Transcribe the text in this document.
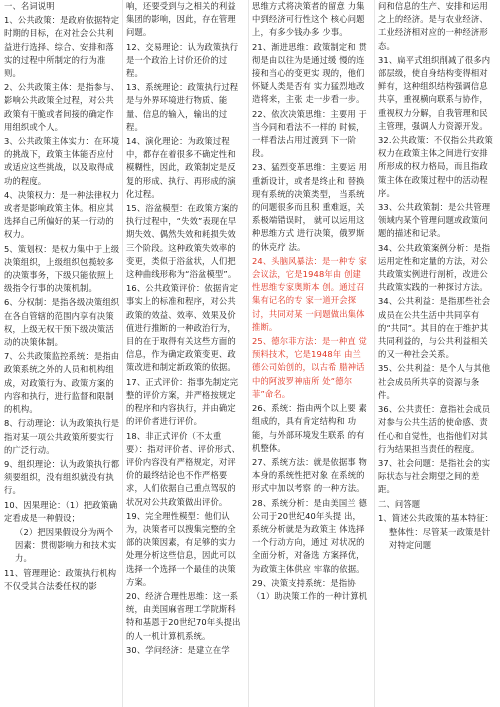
一、名词说明

1、公共政策：是政府依据特定时期的目标，在对社会公共利益进行选择、综合、安排和落实的过程中所制定的行为准则。

2、公共政策主体：是指参与、影响公共政策全过程，对公共政策有干脆或者间接的确定作用组织或个人。

3、公共政策主体实力：在环境的挑战下，政策主体能否应付或适应这些挑战，以及取得成功的程度。

4、决策权力：是一种法律权力或者是影响政策主体。相应其选择自己所偏好的某一行动的权力。

5、策划权：是权力集中于上级决策组织，上级组织包揽较多的决策事务，下级只能依照上级指令行事的决策机制。

6、分权制：是指各级决策组织在各自管辖的范围内享有决策权，上级无权干预下级决策活动的决策体制。

7、公共政策监控系统：是指由政策系统之外的人员和机构组成，对政策行为、政策方案的内容和执行，进行监督和限制的机构。

8、行动理论：认为政策执行是指对某一项公共政策所要实行的广泛行动。

9、组织理论：认为政策执行都须要组织，没有组织就没有执行。

10、因果理论：（1）把政策确定看成是一种假设；

（2）把因果假设分为两个因素：贯彻影响力和技术实力。

11、管理理论：政策执行机构不仅受其合法委任权的影

响，还要受到与之相关的利益集团的影响，因此，存在管理问题。

12、交易理论：认为政策执行是一个政治上讨价还价的过程。

13、系统理论：政策执行过程是与外界环境进行物质、能量、信息的输入，输出的过程。

14、演化理论：为政策过程中，都存在着很多不确定性和模糊性，因此，政策制定是反复的形成、执行、再形成的演化过程。

15、浴盆模型：在政策方案的执行过程中，“失效”表现在早期失效、偶然失效和耗损失效三个阶段。这种政策失效率的变更，类似于浴盆状，人们把这种曲线形称为“浴盆模型”。

16、公共政策评价：依据肯定事实上的标准和程序，对公共政策的效益、效率、效果及价值进行推断的一种政治行为，目的在于取得有关这些方面的信息，作为确定政策变更、政策改进和制定新政策的依据。

17、正式评价：指事先制定完整的评价方案，并严格按规定的程序和内容执行，并由确定的评价者进行评价。

18、非正式评价（不太重要）：指对评价者、评价形式、评价内容没有严格规定，对评价的最终结论也不作严格要求，人们依据自己重点驾驭的状况对公共政策做出评价。

19、完全理性模型：他们认为，决策者可以搜集完整的全部的决策因素，有足够的实力处理分析这些信息，因此可以选择一个选择一个最佳的决策方案。

20、经济合理性思维：这一系统，由美国麻省理工学院斯科特和基恩于20世纪70年头提出的人一机计算机系统。

30、学问经济：是建立在学

思维方式将决策者的留意 力集中到经济可行性这个 核心问题上，有多少钱办多 少事。

21、渐进思维：政策制定和 贯彻是由以往为是通过缓 慢的连接和当心的变更实 现的，他们怀疑人类是否有 实力猛烈地改造将来，主张 走一步看一步。

22、依次决策思维：主要用 于当今同和看法不一样的 时候，一样看法占用过渡到 下一阶段。

23、猛烈变革思维：主要运 用重新设计，或者是终止和 替换现有系统的决策类型， 当系统的问题很多而且积 重难返，关系极端错误时， 就可以运用这种思维方式 进行决策，俄罗斯的休克疗 法。

24、头脑风暴法：是一种专 家会议法，它是1948年由 创建性思维专家奥斯本 创。通过召集有记名的专 家一道开会探讨，共同对某 一问题做出集体推断。

25、德尔菲方法：是一种直 觉预料技术，它是1948年 由兰德公司始创的，以古希 腊神话中的阿波罗神庙所 处“德尔菲”命名。

26、系统：指由两个以上要 素组成的，具有肯定结构和 功能，与外部环境发生联系 的有机整体。

27、系统方法：就是依据事 物本身的系统性把对象 在系统的形式中加以考察 的一种方法。

28、系统分析：是由美国兰 德公司于20世纪40年头提 出，系统分析就是为政策主 体选择一个行动方向，通过 对状况的全面分析，对备选 方案择优，为政策主体供应 牢靠的依据。

29、决策支持系统：是指协（1）助决策工作的一种计算机

问和信息的生产、安排和运用之上的经济。是与农业经济、工业经济相对应的一种经济形态。

31、扁平式组织削减了很多内部层级，使自身结构变得相对鲜有，这种组织结构强调信息共享，重视横向联系与协作，重视权力分解，自我管理和民主管理，强调人力资源开发。

32.公共政策：不仅指公共政策权力在政策主体之间进行安排所形成的权力格局，而且指政策主体在政策过程中的活动程序。

33、公共政策制：是公共管理领域内某个管理问题或政策问题的描述和记录。

34、公共政策案例分析：是指运用定性和定量的方法，对公共政策实例进行剖析，改进公共政策实践的一种探讨方法。

34、公共利益：是指那些社会成员在公共生活中共同享有的“共同”。其目的在于维护其共同利益的，与公共利益相关的又一种社会关系。

35、公共利益：是个人与其他社会成员所共享的资源与条件。

36、公共责任：意指社会成员对参与公共生活的使命感、责任心和自觉性，也指他们对其行为结果担当责任的程度。

37、社会问题：是指社会的实际状态与社会期望之间的差距。

二、问答题

1、简述公共政策的基本特征：

整体性：尽管某一政策是针对特定问题
